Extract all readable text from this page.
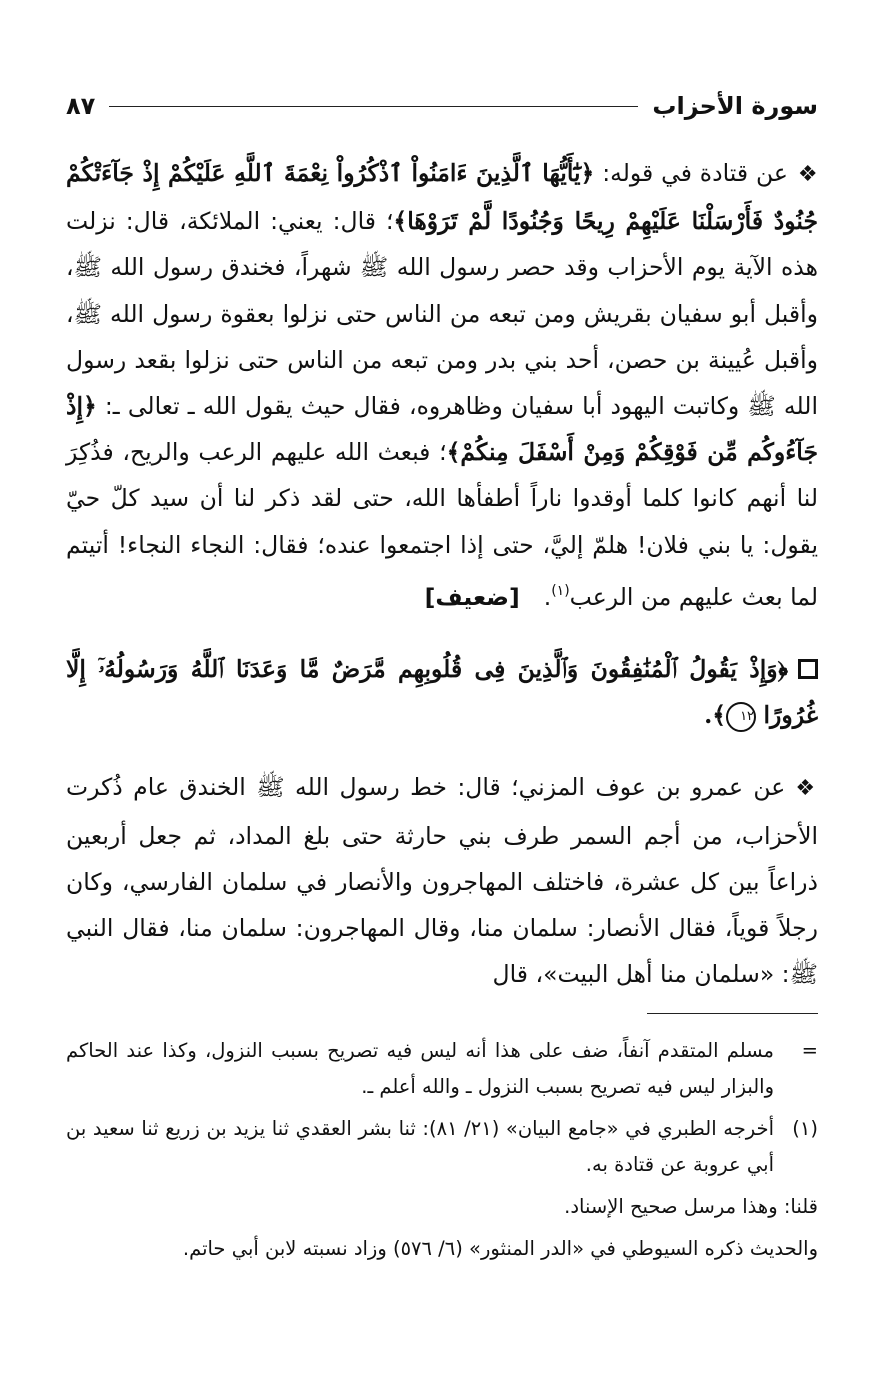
سورة الأحزاب
٨٧

❖عن قتادة في قوله: ﴿يَٰٓأَيُّهَا ٱلَّذِينَ ءَامَنُواْ ٱذْكُرُواْ نِعْمَةَ ٱللَّهِ عَلَيْكُمْ إِذْ جَآءَتْكُمْ جُنُودٌ فَأَرْسَلْنَا عَلَيْهِمْ رِيحًا وَجُنُودًا لَّمْ تَرَوْهَا﴾؛ قال: يعني: الملائكة، قال: نزلت هذه الآية يوم الأحزاب وقد حصر رسول الله ﷺ شهراً، فخندق رسول الله ﷺ، وأقبل أبو سفيان بقريش ومن تبعه من الناس حتى نزلوا بعقوة رسول الله ﷺ، وأقبل عُيينة بن حصن، أحد بني بدر ومن تبعه من الناس حتى نزلوا بقعد رسول الله ﷺ وكاتبت اليهود أبا سفيان وظاهروه، فقال حيث يقول الله ـ تعالى ـ: ﴿إِذْ جَآءُوكُم مِّن فَوْقِكُمْ وَمِنْ أَسْفَلَ مِنكُمْ﴾؛ فبعث الله عليهم الرعب والريح، فذُكِرَ لنا أنهم كانوا كلما أوقدوا ناراً أطفأها الله، حتى لقد ذكر لنا أن سيد كلّ حيّ يقول: يا بني فلان! هلمّ إليَّ، حتى إذا اجتمعوا عنده؛ فقال: النجاء النجاء! أتيتم لما بعث عليهم من الرعب$^{(١)}$.[ضعيف]

﴿وَإِذْ يَقُولُ ٱلْمُنَٰفِقُونَ وَٱلَّذِينَ فِى قُلُوبِهِم مَّرَضٌ مَّا وَعَدَنَا ٱللَّهُ وَرَسُولُهُۥٓ إِلَّا غُرُورًا ١٢﴾.

❖عن عمرو بن عوف المزني؛ قال: خط رسول الله ﷺ الخندق عام ذُكرت الأحزاب، من أجم السمر طرف بني حارثة حتى بلغ المداد، ثم جعل أربعين ذراعاً بين كل عشرة، فاختلف المهاجرون والأنصار في سلمان الفارسي، وكان رجلاً قوياً، فقال الأنصار: سلمان منا، وقال المهاجرون: سلمان منا، فقال النبي ﷺ: «سلمان منا أهل البيت»، قال

=
مسلم المتقدم آنفاً، ضف على هذا أنه ليس فيه تصريح بسبب النزول، وكذا عند الحاكم والبزار ليس فيه تصريح بسبب النزول ـ والله أعلم ـ.
(١)
أخرجه الطبري في «جامع البيان» (٢١/ ٨١): ثنا بشر العقدي ثنا يزيد بن زريع ثنا سعيد بن أبي عروبة عن قتادة به.

قلنا: وهذا مرسل صحيح الإسناد.

والحديث ذكره السيوطي في «الدر المنثور» (٦/ ٥٧٦) وزاد نسبته لابن أبي حاتم.
